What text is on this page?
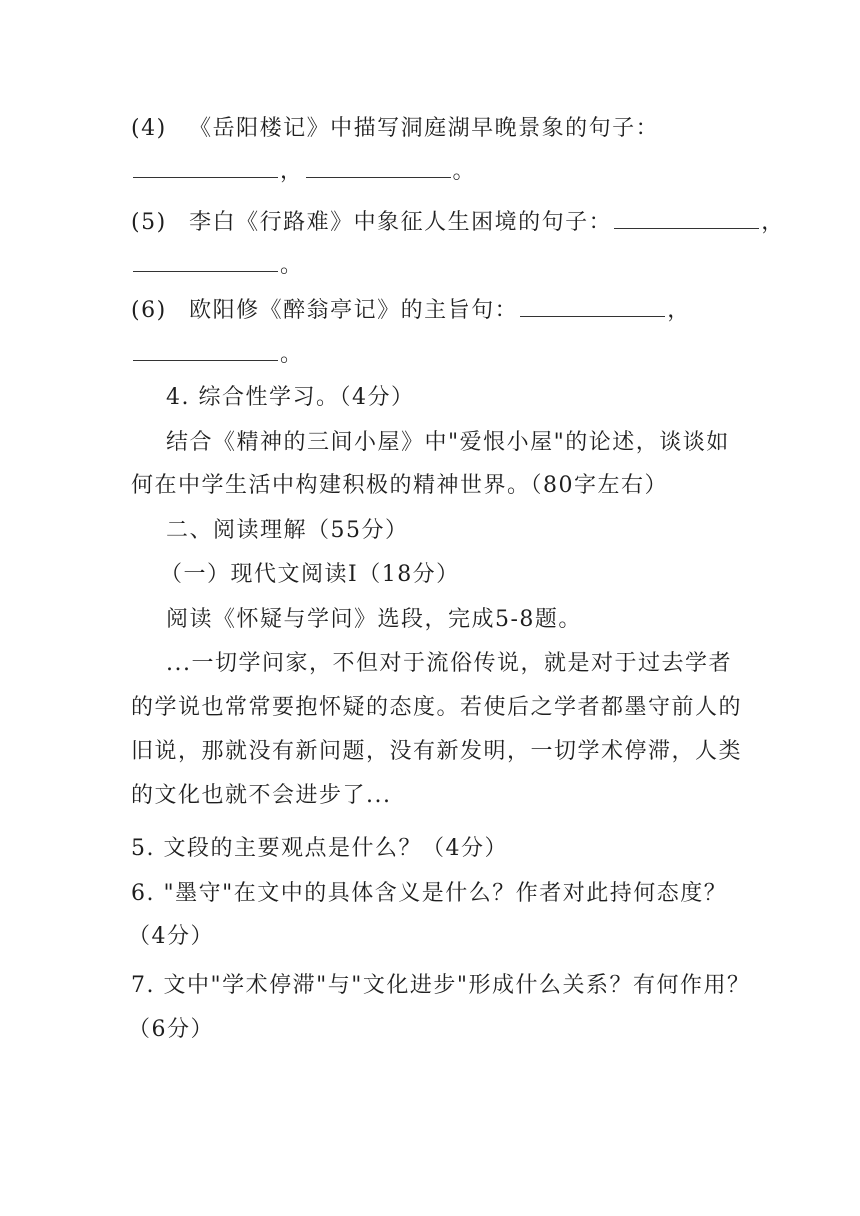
(4) 《岳阳楼记》中描写洞庭湖早晚景象的句子：
，	。
(5) 李白《行路难》中象征人生困境的句子：	，
。
(6) 欧阳修《醉翁亭记》的主旨句：	，
。
4. 综合性学习。（4分）
结合《精神的三间小屋》中"爱恨小屋"的论述，谈谈如
何在中学生活中构建积极的精神世界。（80字左右）
二、阅读理解（55分）
（一）现代文阅读Ⅰ（18分）
阅读《怀疑与学问》选段，完成5-8题。
...一切学问家，不但对于流俗传说，就是对于过去学者
的学说也常常要抱怀疑的态度。若使后之学者都墨守前人的
旧说，那就没有新问题，没有新发明，一切学术停滞，人类
的文化也就不会进步了...
5. 文段的主要观点是什么？（4分）
6. "墨守"在文中的具体含义是什么？作者对此持何态度？
（4分）
7. 文中"学术停滞"与"文化进步"形成什么关系？有何作用？
（6分）
